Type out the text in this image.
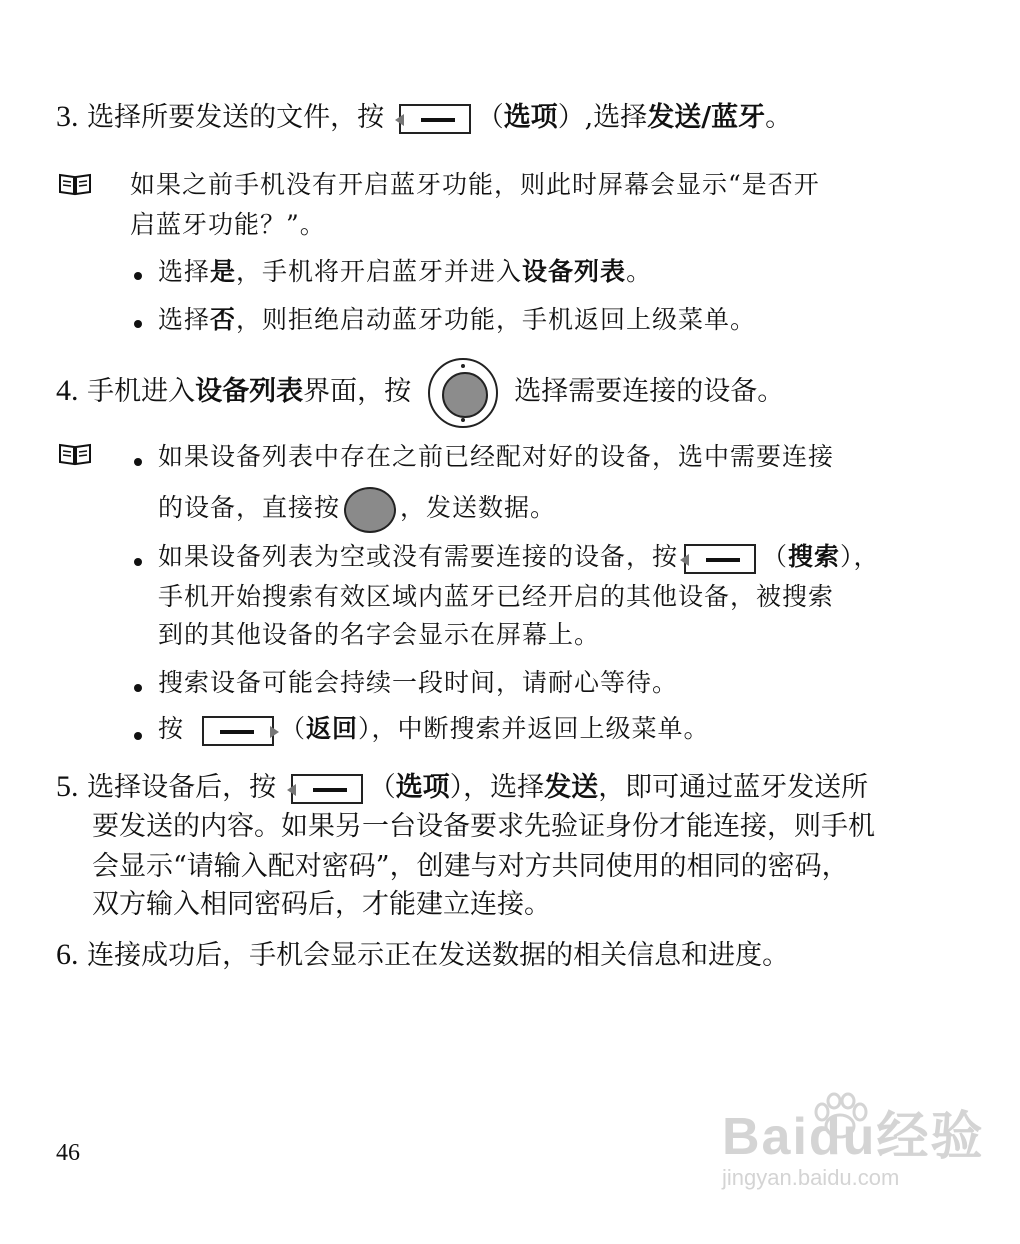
3. 选择所要发送的文件，按	（选项）,选择发送/蓝牙。
如果之前手机没有开启蓝牙功能，则此时屏幕会显示“是否开
启蓝牙功能？”。
选择是，手机将开启蓝牙并进入设备列表。
选择否，则拒绝启动蓝牙功能，手机返回上级菜单。
4. 手机进入设备列表界面，按	选择需要连接的设备。
如果设备列表中存在之前已经配对好的设备，选中需要连接
的设备，直接按 ，发送数据。
如果设备列表为空或没有需要连接的设备，按	（搜索），
手机开始搜索有效区域内蓝牙已经开启的其他设备，被搜索
到的其他设备的名字会显示在屏幕上。
搜索设备可能会持续一段时间，请耐心等待。
按	（返回），中断搜索并返回上级菜单。
5. 选择设备后，按	（选项），选择发送，即可通过蓝牙发送所
要发送的内容。如果另一台设备要求先验证身份才能连接，则手机
会显示“请输入配对密码”，创建与对方共同使用的相同的密码，
双方输入相同密码后，才能建立连接。
6. 连接成功后，手机会显示正在发送数据的相关信息和进度。
46	Baidu经验
jingyan.baidu.com
